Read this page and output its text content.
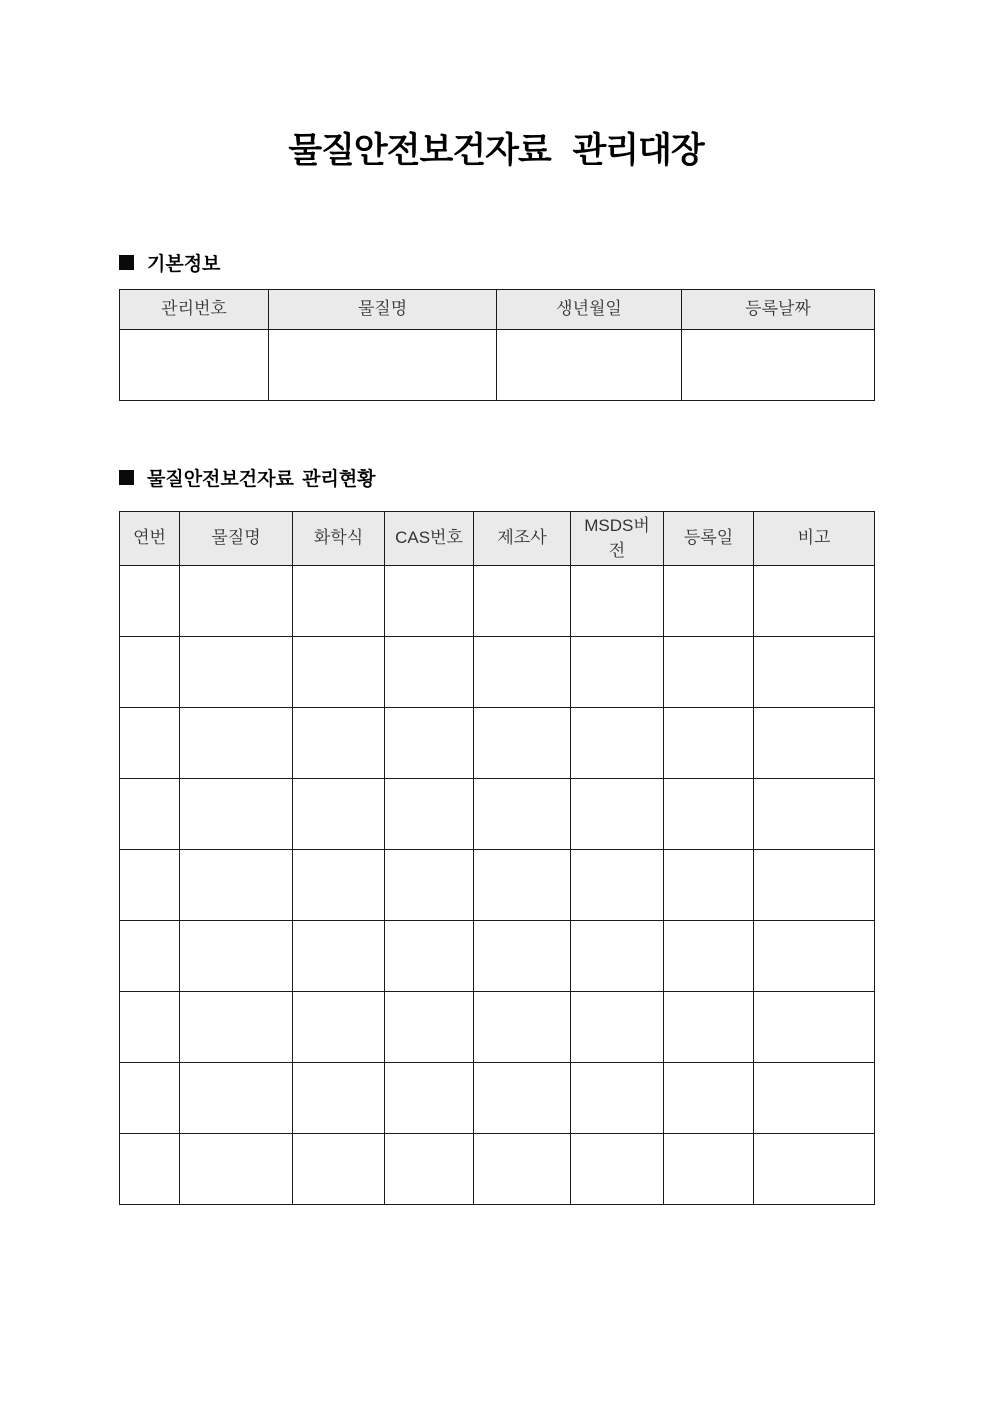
물질안전보건자료 관리대장
기본정보
관리번호	물질명	생년월일	등록날짜

물질안전보건자료 관리현황
연번	물질명	화학식	CAS번호	제조사	MSDS버전	등록일	비고
